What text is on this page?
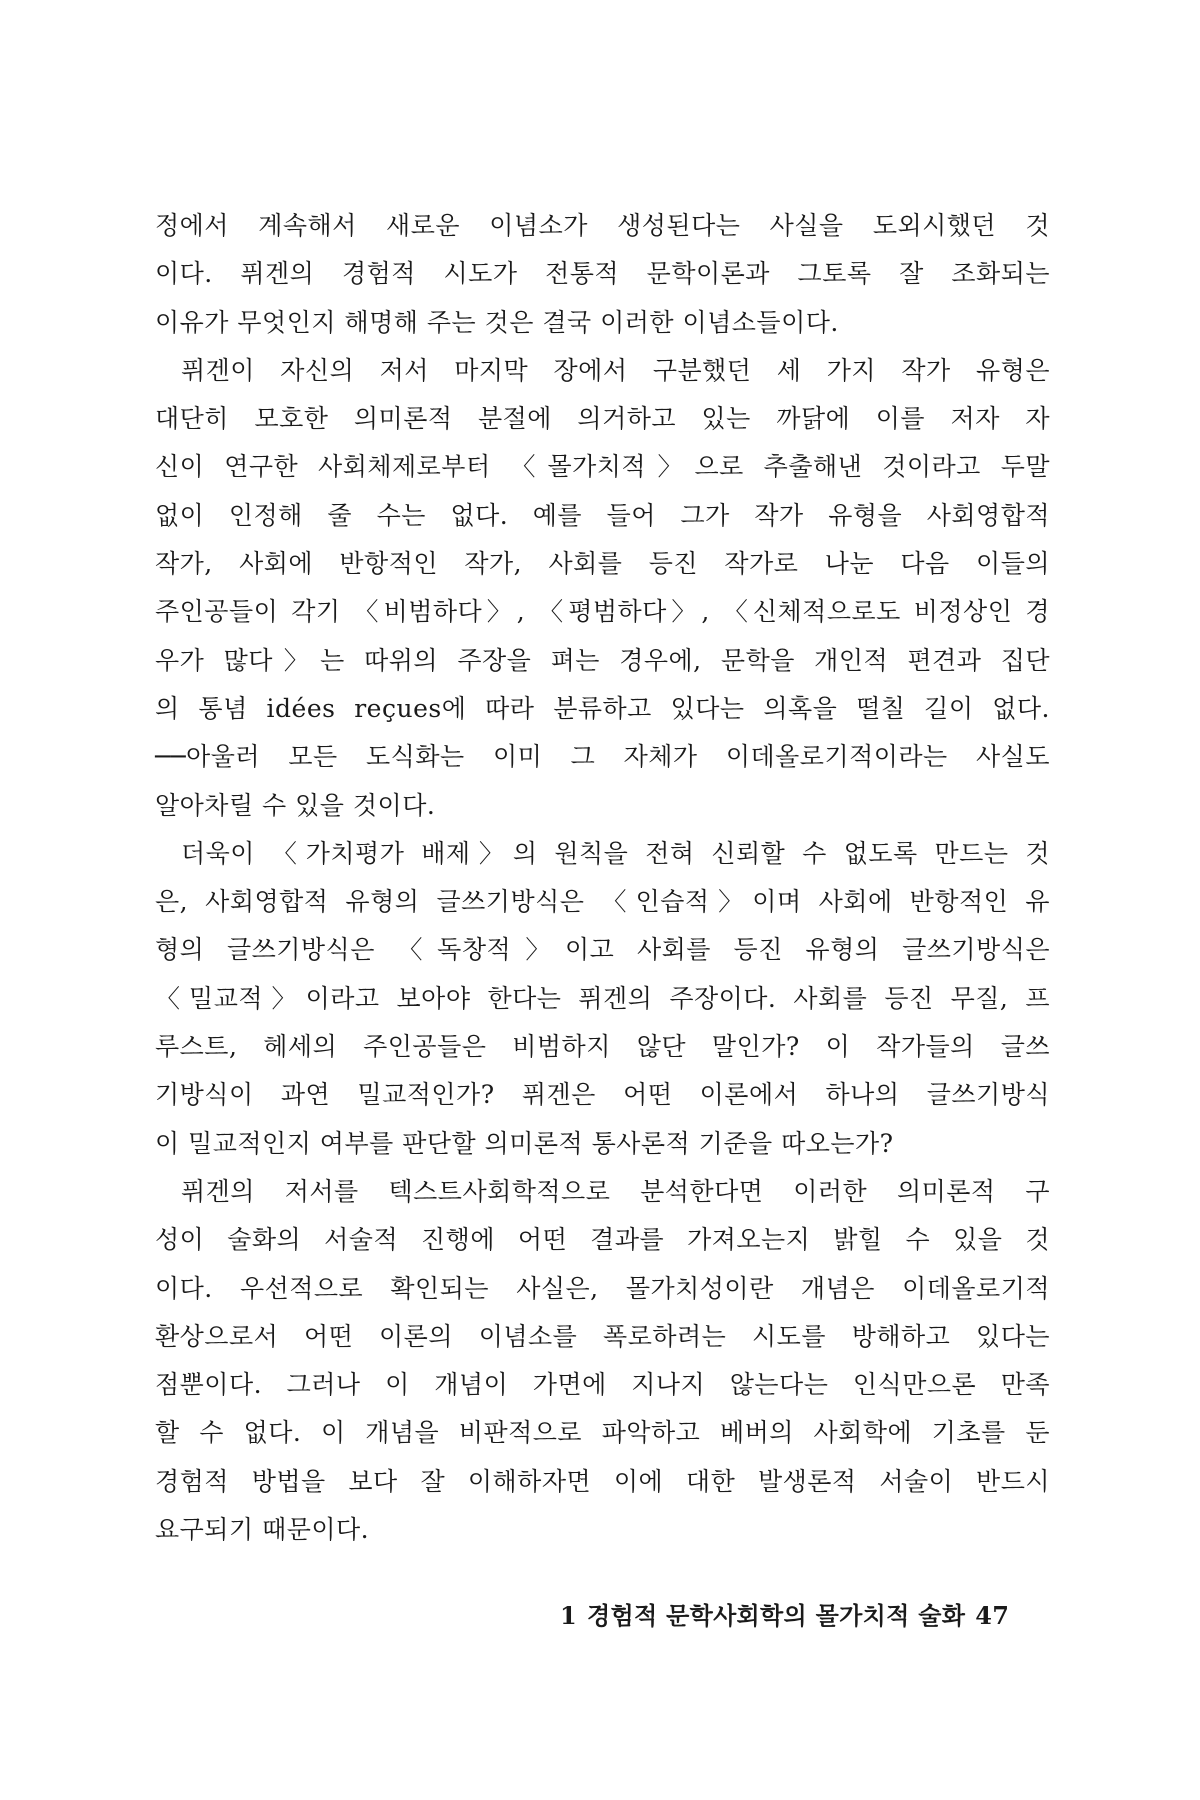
정에서 계속해서 새로운 이념소가 생성된다는 사실을 도외시했던 것
이다. 퓌겐의 경험적 시도가 전통적 문학이론과 그토록 잘 조화되는
이유가 무엇인지 해명해 주는 것은 결국 이러한 이념소들이다.
퓌겐이 자신의 저서 마지막 장에서 구분했던 세 가지 작가 유형은
대단히 모호한 의미론적 분절에 의거하고 있는 까닭에 이를 저자 자
신이 연구한 사회체제로부터 〈몰가치적〉으로 추출해낸 것이라고 두말
없이 인정해 줄 수는 없다. 예를 들어 그가 작가 유형을 사회영합적
작가, 사회에 반항적인 작가, 사회를 등진 작가로 나눈 다음 이들의
주인공들이 각기 〈비범하다〉, 〈평범하다〉, 〈신체적으로도 비정상인 경
우가 많다〉는 따위의 주장을 펴는 경우에, 문학을 개인적 편견과 집단
의 통념 idées reçues에 따라 분류하고 있다는 의혹을 떨칠 길이 없다.
──아울러 모든 도식화는 이미 그 자체가 이데올로기적이라는 사실도
알아차릴 수 있을 것이다.
더욱이 〈가치평가 배제〉의 원칙을 전혀 신뢰할 수 없도록 만드는 것
은, 사회영합적 유형의 글쓰기방식은 〈인습적〉이며 사회에 반항적인 유
형의 글쓰기방식은 〈독창적〉이고 사회를 등진 유형의 글쓰기방식은
〈밀교적〉이라고 보아야 한다는 퓌겐의 주장이다. 사회를 등진 무질, 프
루스트, 헤세의 주인공들은 비범하지 않단 말인가? 이 작가들의 글쓰
기방식이 과연 밀교적인가? 퓌겐은 어떤 이론에서 하나의 글쓰기방식
이 밀교적인지 여부를 판단할 의미론적 통사론적 기준을 따오는가?
퓌겐의 저서를 텍스트사회학적으로 분석한다면 이러한 의미론적 구
성이 술화의 서술적 진행에 어떤 결과를 가져오는지 밝힐 수 있을 것
이다. 우선적으로 확인되는 사실은, 몰가치성이란 개념은 이데올로기적
환상으로서 어떤 이론의 이념소를 폭로하려는 시도를 방해하고 있다는
점뿐이다. 그러나 이 개념이 가면에 지나지 않는다는 인식만으론 만족
할 수 없다. 이 개념을 비판적으로 파악하고 베버의 사회학에 기초를 둔
경험적 방법을 보다 잘 이해하자면 이에 대한 발생론적 서술이 반드시
요구되기 때문이다.
1 경험적 문학사회학의 몰가치적 술화 47
